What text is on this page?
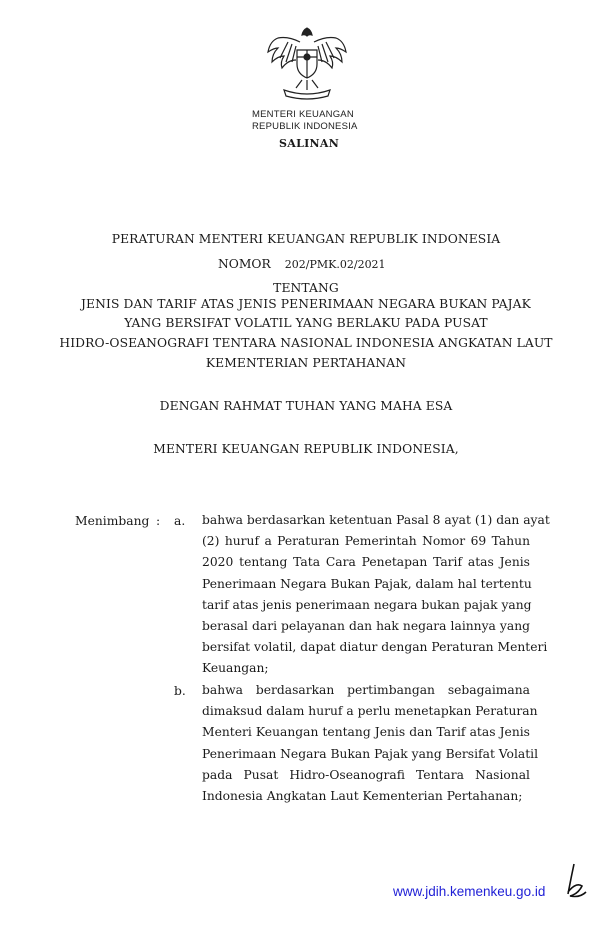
MENTERI KEUANGAN
REPUBLIK INDONESIA
SALINAN
PERATURAN MENTERI KEUANGAN REPUBLIK INDONESIA
NOMOR 202/PMK.02/2021
TENTANG
JENIS DAN TARIF ATAS JENIS PENERIMAAN NEGARA BUKAN PAJAK
YANG BERSIFAT VOLATIL YANG BERLAKU PADA PUSAT
HIDRO-OSEANOGRAFI TENTARA NASIONAL INDONESIA ANGKATAN LAUT
KEMENTERIAN PERTAHANAN
DENGAN RAHMAT TUHAN YANG MAHA ESA
MENTERI KEUANGAN REPUBLIK INDONESIA,
Menimbang : a. bahwa berdasarkan ketentuan Pasal 8 ayat (1) dan ayat
(2) huruf a Peraturan Pemerintah Nomor 69 Tahun
2020 tentang Tata Cara Penetapan Tarif atas Jenis
Penerimaan Negara Bukan Pajak, dalam hal tertentu
tarif atas jenis penerimaan negara bukan pajak yang
berasal dari pelayanan dan hak negara lainnya yang
bersifat volatil, dapat diatur dengan Peraturan Menteri
Keuangan;
b. bahwa berdasarkan pertimbangan sebagaimana
dimaksud dalam huruf a perlu menetapkan Peraturan
Menteri Keuangan tentang Jenis dan Tarif atas Jenis
Penerimaan Negara Bukan Pajak yang Bersifat Volatil
pada Pusat Hidro-Oseanografi Tentara Nasional
Indonesia Angkatan Laut Kementerian Pertahanan;
www.jdih.kemenkeu.go.id
